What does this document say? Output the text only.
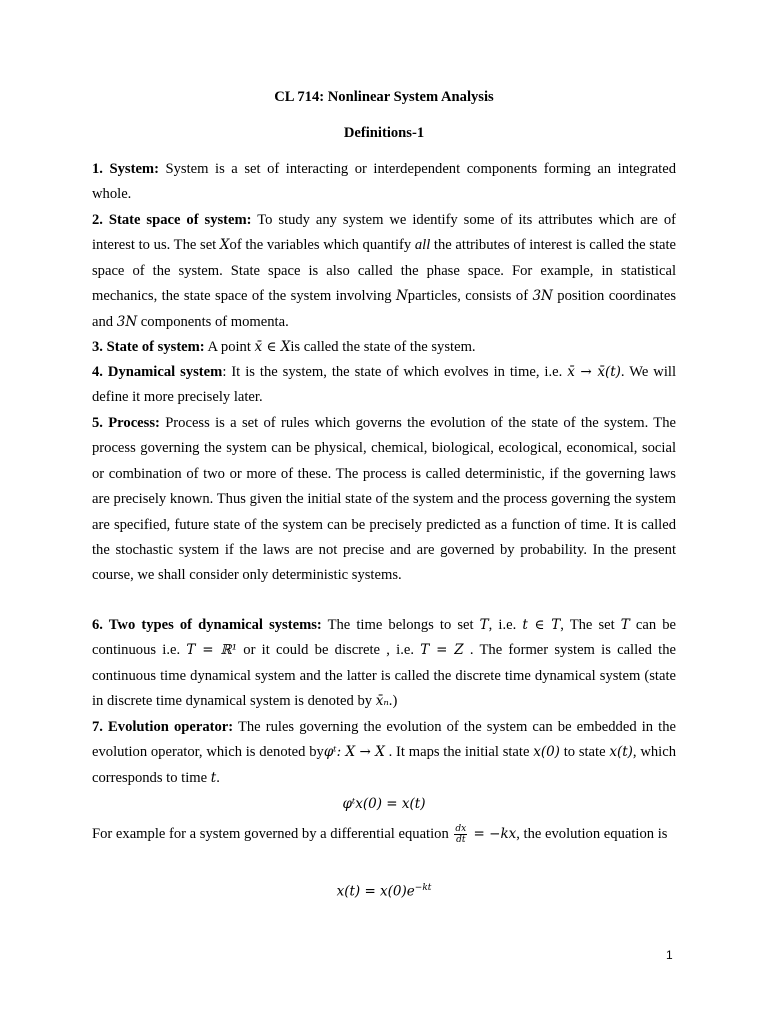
CL 714: Nonlinear System Analysis
Definitions-1
1. System: System is a set of interacting or interdependent components forming an integrated whole.
2. State space of system: To study any system we identify some of its attributes which are of interest to us. The set Xof the variables which quantify all the attributes of interest is called the state space of the system. State space is also called the phase space. For example, in statistical mechanics, the state space of the system involving Nparticles, consists of 3N position coordinates and 3N components of momenta.
3. State of system: A point x̄ ∈ Xis called the state of the system.
4. Dynamical system: It is the system, the state of which evolves in time, i.e. x̄ → x̄(t). We will define it more precisely later.
5. Process: Process is a set of rules which governs the evolution of the state of the system. The process governing the system can be physical, chemical, biological, ecological, economical, social or combination of two or more of these. The process is called deterministic, if the governing laws are precisely known. Thus given the initial state of the system and the process governing the system are specified, future state of the system can be precisely predicted as a function of time. It is called the stochastic system if the laws are not precise and are governed by probability. In the present course, we shall consider only deterministic systems.
6. Two types of dynamical systems: The time belongs to set T, i.e. t ∈ T, The set T can be continuous i.e. T = ℝ¹ or it could be discrete , i.e. T = Z . The former system is called the continuous time dynamical system and the latter is called the discrete time dynamical system (state in discrete time dynamical system is denoted by x̄ₙ.)
7. Evolution operator: The rules governing the evolution of the system can be embedded in the evolution operator, which is denoted byφᵗ: X → X . It maps the initial state x(0) to state x(t), which corresponds to time t.
φᵗx(0) = x(t)
For example for a system governed by a differential equation $\frac{dx}{dt} = -kx$, the evolution equation is
$x(t) = x(0)e^{-kt}$
1
